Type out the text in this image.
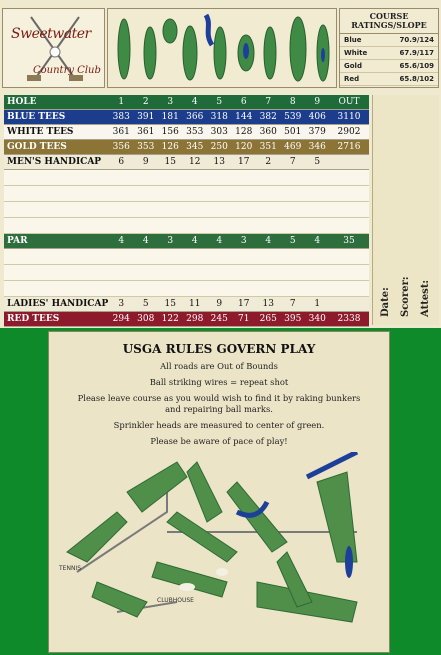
Sweetwater
Country Club
COURSE RATINGS/SLOPE
Blue	70.9/124
White	67.9/117
Gold	65.6/109
Red	65.8/102
HOLE	1	2	3	4	5	6	7	8	9	OUT
BLUE TEES	383 391 181 366 318 144 382 539 406	3110
WHITE TEES	361 361 156 353 303 128 360 501 379	2902
GOLD TEES	356 353 126 345 250 120 351 469 346	2716
MEN'S HANDICAP	6	9	15	12	13	17	2	7	5
PAR	4	4	3	4	4	3	4	5	4	35
LADIES' HANDICAP	3	5	15	11	9	17	13	7	1
RED TEES	294 308 122 298 245	71	265 395 340	2338
Date: Scorer: Attest:
USGA RULES GOVERN PLAY

All roads are Out of Bounds

Ball striking wires = repeat shot

Please leave course as you would wish to find it by raking bunkers and repairing ball marks.

Sprinkler heads are measured to center of green.

Please be aware of pace of play!

TENNIS
CLUBHOUSE
